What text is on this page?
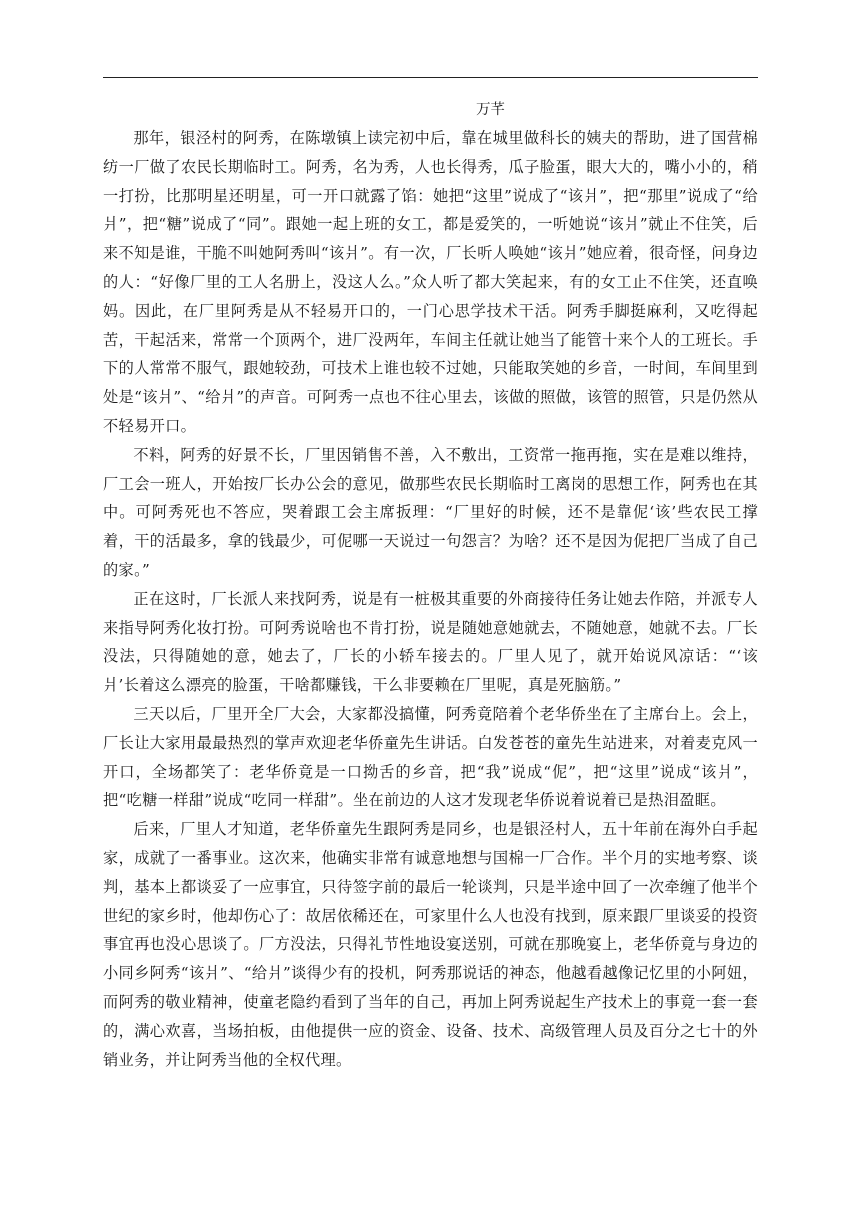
万芊

那年，银泾村的阿秀，在陈墩镇上读完初中后，靠在城里做科长的姨夫的帮助，进了国营棉纺一厂做了农民长期临时工。阿秀，名为秀，人也长得秀，瓜子脸蛋，眼大大的，嘴小小的，稍一打扮，比那明星还明星，可一开口就露了馅：她把“这里”说成了“该爿”，把“那里”说成了“给爿”，把“糖”说成了“同”。跟她一起上班的女工，都是爱笑的，一听她说“该爿”就止不住笑，后来不知是谁，干脆不叫她阿秀叫“该爿”。有一次，厂长听人唤她“该爿”她应着，很奇怪，问身边的人：“好像厂里的工人名册上，没这人么。”众人听了都大笑起来，有的女工止不住笑，还直唤妈。因此，在厂里阿秀是从不轻易开口的，一门心思学技术干活。阿秀手脚挺麻利，又吃得起苦，干起活来，常常一个顶两个，进厂没两年，车间主任就让她当了能管十来个人的工班长。手下的人常常不服气，跟她较劲，可技术上谁也较不过她，只能取笑她的乡音，一时间，车间里到处是“该爿”、“给爿”的声音。可阿秀一点也不往心里去，该做的照做，该管的照管，只是仍然从不轻易开口。

不料，阿秀的好景不长，厂里因销售不善，入不敷出，工资常一拖再拖，实在是难以维持，厂工会一班人，开始按厂长办公会的意见，做那些农民长期临时工离岗的思想工作，阿秀也在其中。可阿秀死也不答应，哭着跟工会主席扳理：“厂里好的时候，还不是靠伲‘该’些农民工撑着，干的活最多，拿的钱最少，可伲哪一天说过一句怨言？为啥？还不是因为伲把厂当成了自己的家。”

正在这时，厂长派人来找阿秀，说是有一桩极其重要的外商接待任务让她去作陪，并派专人来指导阿秀化妆打扮。可阿秀说啥也不肯打扮，说是随她意她就去，不随她意，她就不去。厂长没法，只得随她的意，她去了，厂长的小轿车接去的。厂里人见了，就开始说风凉话：“‘该爿’长着这么漂亮的脸蛋，干啥都赚钱，干么非要赖在厂里呢，真是死脑筋。”

三天以后，厂里开全厂大会，大家都没搞懂，阿秀竟陪着个老华侨坐在了主席台上。会上，厂长让大家用最最热烈的掌声欢迎老华侨童先生讲话。白发苍苍的童先生站进来，对着麦克风一开口，全场都笑了：老华侨竟是一口拗舌的乡音，把“我”说成“伲”，把“这里”说成“该爿”，把“吃糖一样甜”说成“吃同一样甜”。坐在前边的人这才发现老华侨说着说着已是热泪盈眶。

后来，厂里人才知道，老华侨童先生跟阿秀是同乡，也是银泾村人，五十年前在海外白手起家，成就了一番事业。这次来，他确实非常有诚意地想与国棉一厂合作。半个月的实地考察、谈判，基本上都谈妥了一应事宜，只待签字前的最后一轮谈判，只是半途中回了一次牵缠了他半个世纪的家乡时，他却伤心了：故居依稀还在，可家里什么人也没有找到，原来跟厂里谈妥的投资事宜再也没心思谈了。厂方没法，只得礼节性地设宴送别，可就在那晚宴上，老华侨竟与身边的小同乡阿秀“该爿”、“给爿”谈得少有的投机，阿秀那说话的神态，他越看越像记忆里的小阿妞，而阿秀的敬业精神，使童老隐约看到了当年的自己，再加上阿秀说起生产技术上的事竟一套一套的，满心欢喜，当场拍板，由他提供一应的资金、设备、技术、高级管理人员及百分之七十的外销业务，并让阿秀当他的全权代理。
